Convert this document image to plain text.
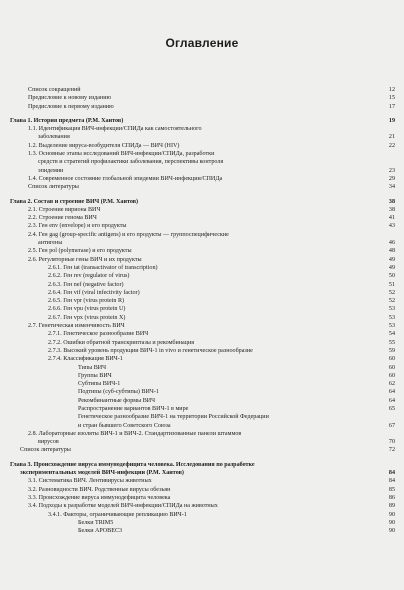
Оглавление
Список сокращений	12
Предисловие к новому изданию	15
Предисловие к первому изданию	17
Глава 1. История предмета (Р.М. Хаитов)	19
1.1. Идентификация ВИЧ-инфекции/СПИДа как самостоятельного
заболевания	21
1.2. Выделение вируса-возбудителя СПИДа — ВИЧ (HIV)	22
1.3. Основные этапы исследований ВИЧ-инфекции/СПИДа, разработки
средств и стратегий профилактики заболевания, перспективы контроля
эпидемии	23
1.4. Современное состояние глобальной эпидемии ВИЧ-инфекции/СПИДа	29
Список литературы	34
Глава 2. Состав и строение ВИЧ (Р.М. Хаитов)	38
2.1. Строение вириона ВИЧ	38
2.2. Строение генома ВИЧ	41
2.3. Ген env (envelope) и его продукты	43
2.4. Ген gag (group-specific antigens) и его продукты — группоспецифические
антигены	46
2.5. Ген pol (polymerase) и его продукты	48
2.6. Регуляторные гены ВИЧ и их продукты	49
2.6.1. Ген tat (transactivator of transcription)	49
2.6.2. Ген rev (regulator of virus)	50
2.6.3. Ген nef (negative factor)	51
2.6.4. Ген vif (viral infectivity factor)	52
2.6.5. Ген vpr (virus protein R)	52
2.6.6. Ген vpu (virus protein U)	53
2.6.7. Ген vpx (virus protein X)	53
2.7. Генетическая изменчивость ВИЧ	53
2.7.1. Генетическое разнообразие ВИЧ	54
2.7.2. Ошибки обратной транскриптазы и рекомбинация	55
2.7.3. Высокий уровень продукции ВИЧ-1 in vivo и генетическое разнообразие	59
2.7.4. Классификация ВИЧ-1	60
Типы ВИЧ	60
Группы ВИЧ	60
Субтипы ВИЧ-1	62
Подтипы (суб-субтипы) ВИЧ-1	64
Рекомбинантные формы ВИЧ	64
Распространение вариантов ВИЧ-1 в мире	65
Генетическое разнообразие ВИЧ-1 на территории Российской Федерации
и стран бывшего Советского Союза	67
2.8. Лабораторные изоляты ВИЧ-1 и ВИЧ-2. Стандартизованные панели штаммов
вирусов	70
Список литературы	72
Глава 3. Происхождение вируса иммунодефицита человека. Исследования по разработке
экспериментальных моделей ВИЧ-инфекции (Р.М. Хаитов)	84
3.1. Систематика ВИЧ. Лентивирусы животных	84
3.2. Разновидности ВИЧ. Родственные вирусы обезьян	85
3.3. Происхождение вируса иммунодефицита человека	86
3.4. Подходы к разработке моделей ВИЧ-инфекции/СПИДа на животных	89
3.4.1. Факторы, ограничивающие репликацию ВИЧ-1	90
Белки TRIM5	90
Белки APOBEC3	90
